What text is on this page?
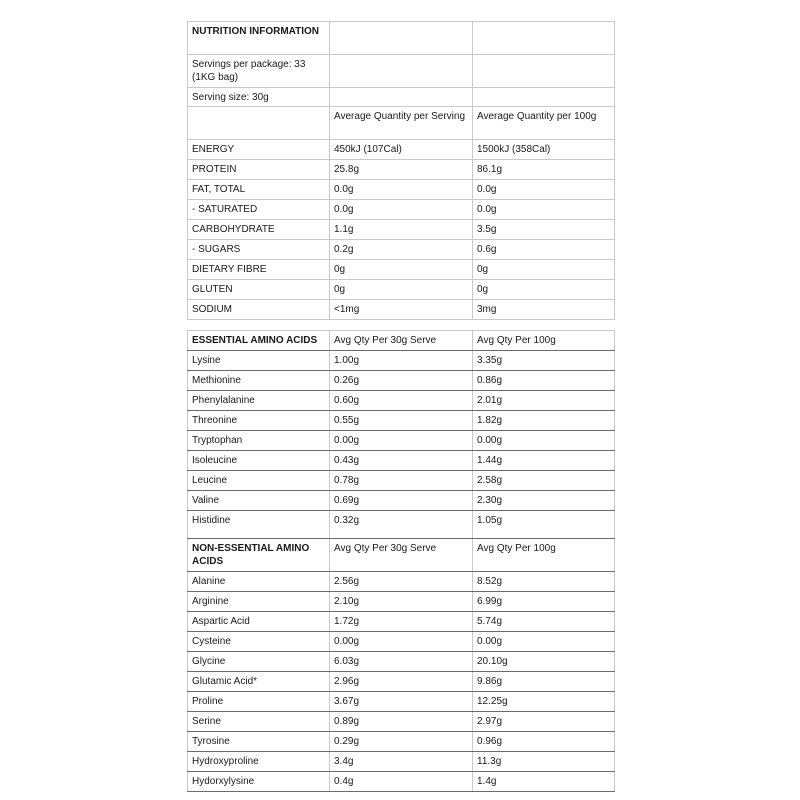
NUTRITION INFORMATION		
Servings per package: 33 (1KG bag)		
Serving size: 30g		
	Average Quantity per Serving	Average Quantity per 100g
ENERGY	450kJ (107Cal)	1500kJ (358Cal)
PROTEIN	25.8g	86.1g
FAT, TOTAL	0.0g	0.0g
- SATURATED	0.0g	0.0g
CARBOHYDRATE	1.1g	3.5g
- SUGARS	0.2g	0.6g
DIETARY FIBRE	0g	0g
GLUTEN	0g	0g
SODIUM	<1mg	3mg
ESSENTIAL AMINO ACIDS	Avg Qty Per 30g Serve	Avg Qty Per 100g
Lysine	1.00g	3.35g
Methionine	0.26g	0.86g
Phenylalanine	0.60g	2.01g
Threonine	0.55g	1.82g
Tryptophan	0.00g	0.00g
Isoleucine	0.43g	1.44g
Leucine	0.78g	2.58g
Valine	0.69g	2.30g
Histidine	0.32g	1.05g
NON-ESSENTIAL AMINO ACIDS	Avg Qty Per 30g Serve	Avg Qty Per 100g
Alanine	2.56g	8.52g
Arginine	2.10g	6.99g
Aspartic Acid	1.72g	5.74g
Cysteine	0.00g	0.00g
Glycine	6.03g	20.10g
Glutamic Acid*	2.96g	9.86g
Proline	3.67g	12.25g
Serine	0.89g	2.97g
Tyrosine	0.29g	0.96g
Hydroxyproline	3.4g	11.3g
Hydorxylysine	0.4g	1.4g
